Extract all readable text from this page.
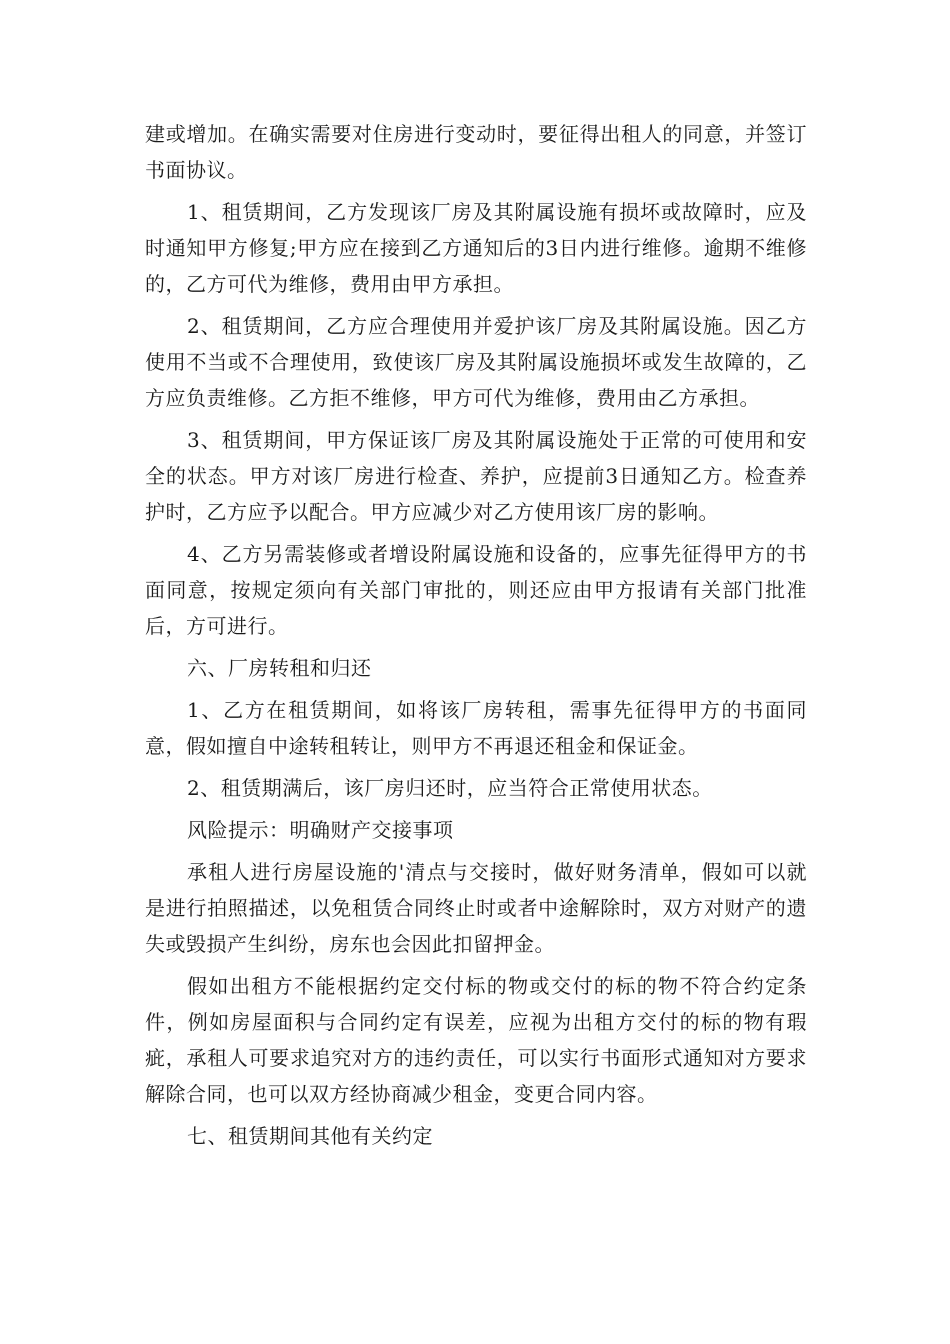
建或增加。在确实需要对住房进行变动时，要征得出租人的同意，并签订书面协议。

1、租赁期间，乙方发现该厂房及其附属设施有损坏或故障时，应及时通知甲方修复;甲方应在接到乙方通知后的3日内进行维修。逾期不维修的，乙方可代为维修，费用由甲方承担。

2、租赁期间，乙方应合理使用并爱护该厂房及其附属设施。因乙方使用不当或不合理使用，致使该厂房及其附属设施损坏或发生故障的，乙方应负责维修。乙方拒不维修，甲方可代为维修，费用由乙方承担。

3、租赁期间，甲方保证该厂房及其附属设施处于正常的可使用和安全的状态。甲方对该厂房进行检查、养护，应提前3日通知乙方。检查养护时，乙方应予以配合。甲方应减少对乙方使用该厂房的影响。

4、乙方另需装修或者增设附属设施和设备的，应事先征得甲方的书面同意，按规定须向有关部门审批的，则还应由甲方报请有关部门批准后，方可进行。

六、厂房转租和归还

1、乙方在租赁期间，如将该厂房转租，需事先征得甲方的书面同意，假如擅自中途转租转让，则甲方不再退还租金和保证金。

2、租赁期满后，该厂房归还时，应当符合正常使用状态。

风险提示：明确财产交接事项

承租人进行房屋设施的'清点与交接时，做好财务清单，假如可以就是进行拍照描述，以免租赁合同终止时或者中途解除时，双方对财产的遗失或毁损产生纠纷，房东也会因此扣留押金。

假如出租方不能根据约定交付标的物或交付的标的物不符合约定条件，例如房屋面积与合同约定有误差，应视为出租方交付的标的物有瑕疵，承租人可要求追究对方的违约责任，可以实行书面形式通知对方要求解除合同，也可以双方经协商减少租金，变更合同内容。

七、租赁期间其他有关约定
